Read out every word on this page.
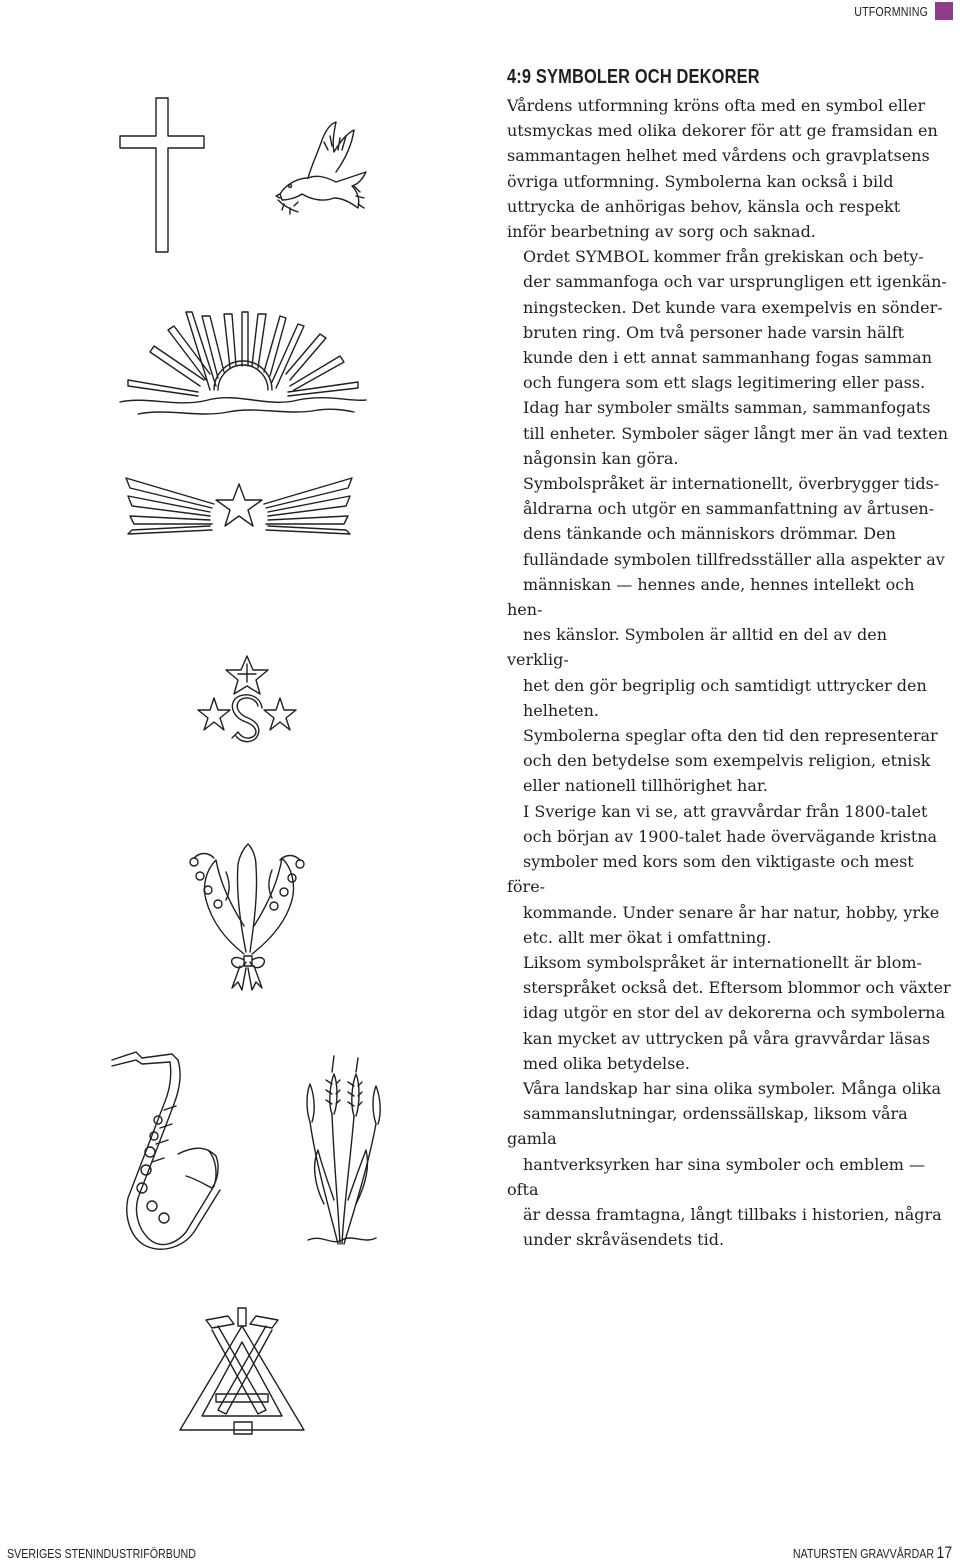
UTFORMNING
4:9 SYMBOLER OCH DEKORER

Vårdens utformning kröns ofta med en symbol eller
utsmyckas med olika dekorer för att ge framsidan en
sammantagen helhet med vårdens och gravplatsens
övriga utformning. Symbolerna kan också i bild
uttrycka de anhörigas behov, känsla och respekt
inför bearbetning av sorg och saknad.

Ordet SYMBOL kommer från grekiskan och bety-
der sammanfoga och var ursprungligen ett igenkän-
ningstecken. Det kunde vara exempelvis en sönder-
bruten ring. Om två personer hade varsin hälft
kunde den i ett annat sammanhang fogas samman
och fungera som ett slags legitimering eller pass.

Idag har symboler smälts samman, sammanfogats
till enheter. Symboler säger långt mer än vad texten
någonsin kan göra.

Symbolspråket är internationellt, överbrygger tids-
åldrarna och utgör en sammanfattning av årtusen-
dens tänkande och människors drömmar. Den
fulländade symbolen tillfredsställer alla aspekter av
människan — hennes ande, hennes intellekt och hen-
nes känslor. Symbolen är alltid en del av den verklig-
het den gör begriplig och samtidigt uttrycker den
helheten.

Symbolerna speglar ofta den tid den representerar
och den betydelse som exempelvis religion, etnisk
eller nationell tillhörighet har.

I Sverige kan vi se, att gravvårdar från 1800-talet
och början av 1900-talet hade övervägande kristna
symboler med kors som den viktigaste och mest före-
kommande. Under senare år har natur, hobby, yrke
etc. allt mer ökat i omfattning.

Liksom symbolspråket är internationellt är blom-
sterspråket också det. Eftersom blommor och växter
idag utgör en stor del av dekorerna och symbolerna
kan mycket av uttrycken på våra gravvårdar läsas
med olika betydelse.

Våra landskap har sina olika symboler. Många olika
sammanslutningar, ordenssällskap, liksom våra gamla
hantverksyrken har sina symboler och emblem — ofta
är dessa framtagna, långt tillbaks i historien, några
under skråväsendets tid.

SVERIGES STENINDUSTRIFÖRBUND	NATURSTEN GRAVVÅRDAR 17
